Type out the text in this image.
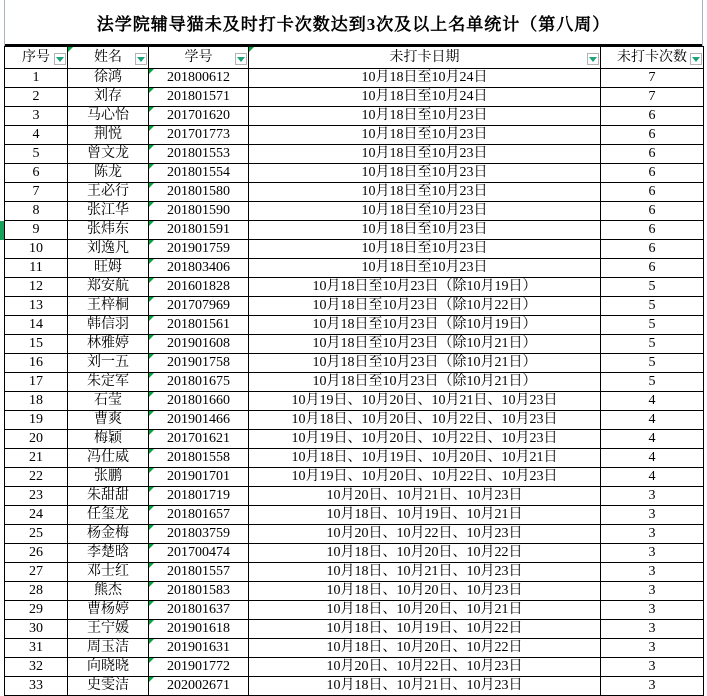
法学院辅导猫未及时打卡次数达到3次及以上名单统计（第八周）
序号	姓名	学号	未打卡日期	未打卡次数

1	徐鸿	201800612	10月18日至10月24日	7
2	刘存	201801571	10月18日至10月24日	7
3	马心怡	201701620	10月18日至10月23日	6
4	荆悦	201701773	10月18日至10月23日	6
5	曾文龙	201801553	10月18日至10月23日	6
6	陈龙	201801554	10月18日至10月23日	6
7	王必行	201801580	10月18日至10月23日	6
8	张江华	201801590	10月18日至10月23日	6
9	张炜东	201801591	10月18日至10月23日	6
10	刘逸凡	201901759	10月18日至10月23日	6
11	旺姆	201803406	10月18日至10月23日	6
12	郑安航	201601828	10月18日至10月23日（除10月19日）	5
13	王梓桐	201707969	10月18日至10月23日（除10月22日）	5
14	韩信羽	201801561	10月18日至10月23日（除10月19日）	5
15	林雅婷	201901608	10月18日至10月23日（除10月21日）	5
16	刘一五	201901758	10月18日至10月23日（除10月21日）	5
17	朱定军	201801675	10月18日至10月23日（除10月21日）	5
18	石莹	201801660	10月19日、10月20日、10月21日、10月23日	4
19	曹爽	201901466	10月18日、10月20日、10月22日、10月23日	4
20	梅颖	201701621	10月19日、10月20日、10月22日、10月23日	4
21	冯仕威	201801558	10月18日、10月19日、10月20日、10月21日	4
22	张鹏	201901701	10月19日、10月20日、10月22日、10月23日	4
23	朱甜甜	201801719	10月20日、10月21日、10月23日	3
24	任玺龙	201801657	10月18日、10月19日、10月21日	3
25	杨金梅	201803759	10月20日、10月22日、10月23日	3
26	李楚晗	201700474	10月18日、10月20日、10月22日	3
27	邓士红	201801557	10月18日、10月21日、10月23日	3
28	熊杰	201801583	10月18日、10月20日、10月23日	3
29	曹杨婷	201801637	10月18日、10月20日、10月21日	3
30	王宁媛	201901618	10月18日、10月19日、10月22日	3
31	周玉洁	201901631	10月18日、10月20日、10月22日	3
32	向晓晓	201901772	10月20日、10月22日、10月23日	3
33	史雯洁	202002671	10月18日、10月21日、10月23日	3
